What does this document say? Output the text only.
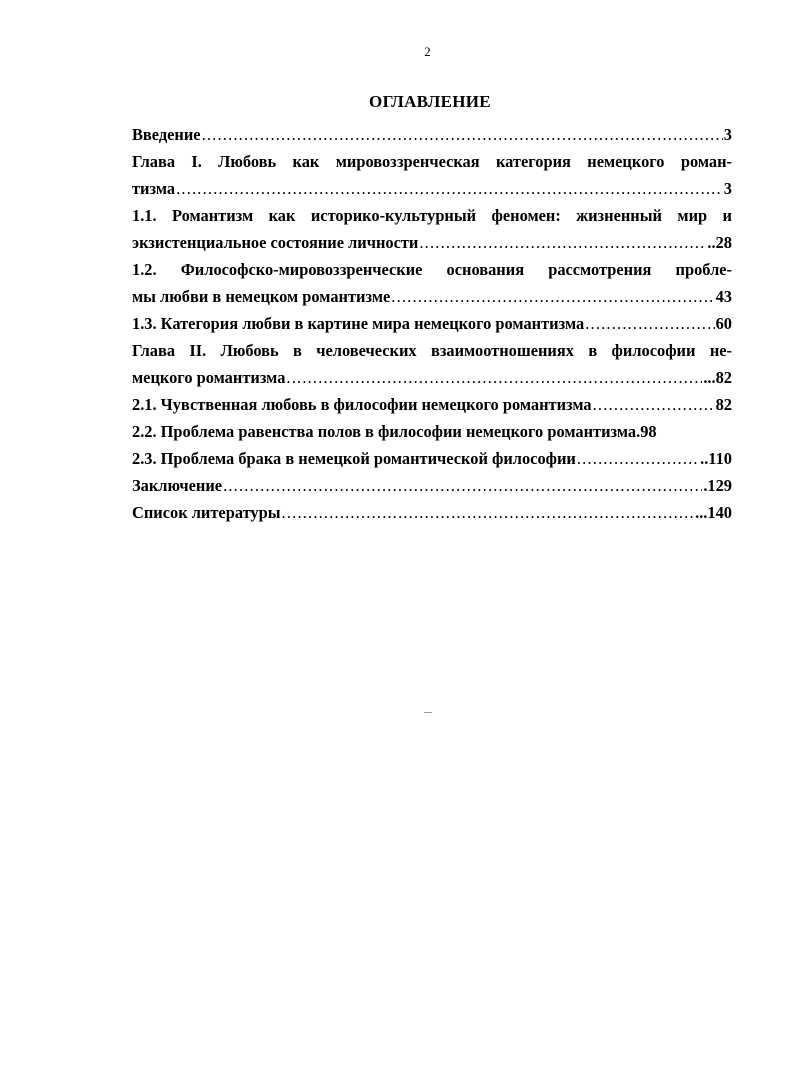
2
ОГЛАВЛЕНИЕ
Введение .....	3
Глава I. Любовь как мировоззренческая категория немецкого роман-
тизма .....	3
1.1. Романтизм как историко-культурный феномен: жизненный мир и
экзистенциальное состояние личности .....	..28
1.2. Философско-мировоззренческие основания рассмотрения пробле-
мы любви в немецком романтизме .....	43
1.3. Категория любви в картине мира немецкого романтизма .....	60
Глава II. Любовь в человеческих взаимоотношениях в философии не-
мецкого романтизма .....	...82
2.1. Чувственная любовь в философии немецкого романтизма .....	82
2.2. Проблема равенства полов в философии немецкого романтизма.98
2.3. Проблема брака в немецкой романтической философии .....	..110
Заключение .....	.129
Список литературы .....	...140
